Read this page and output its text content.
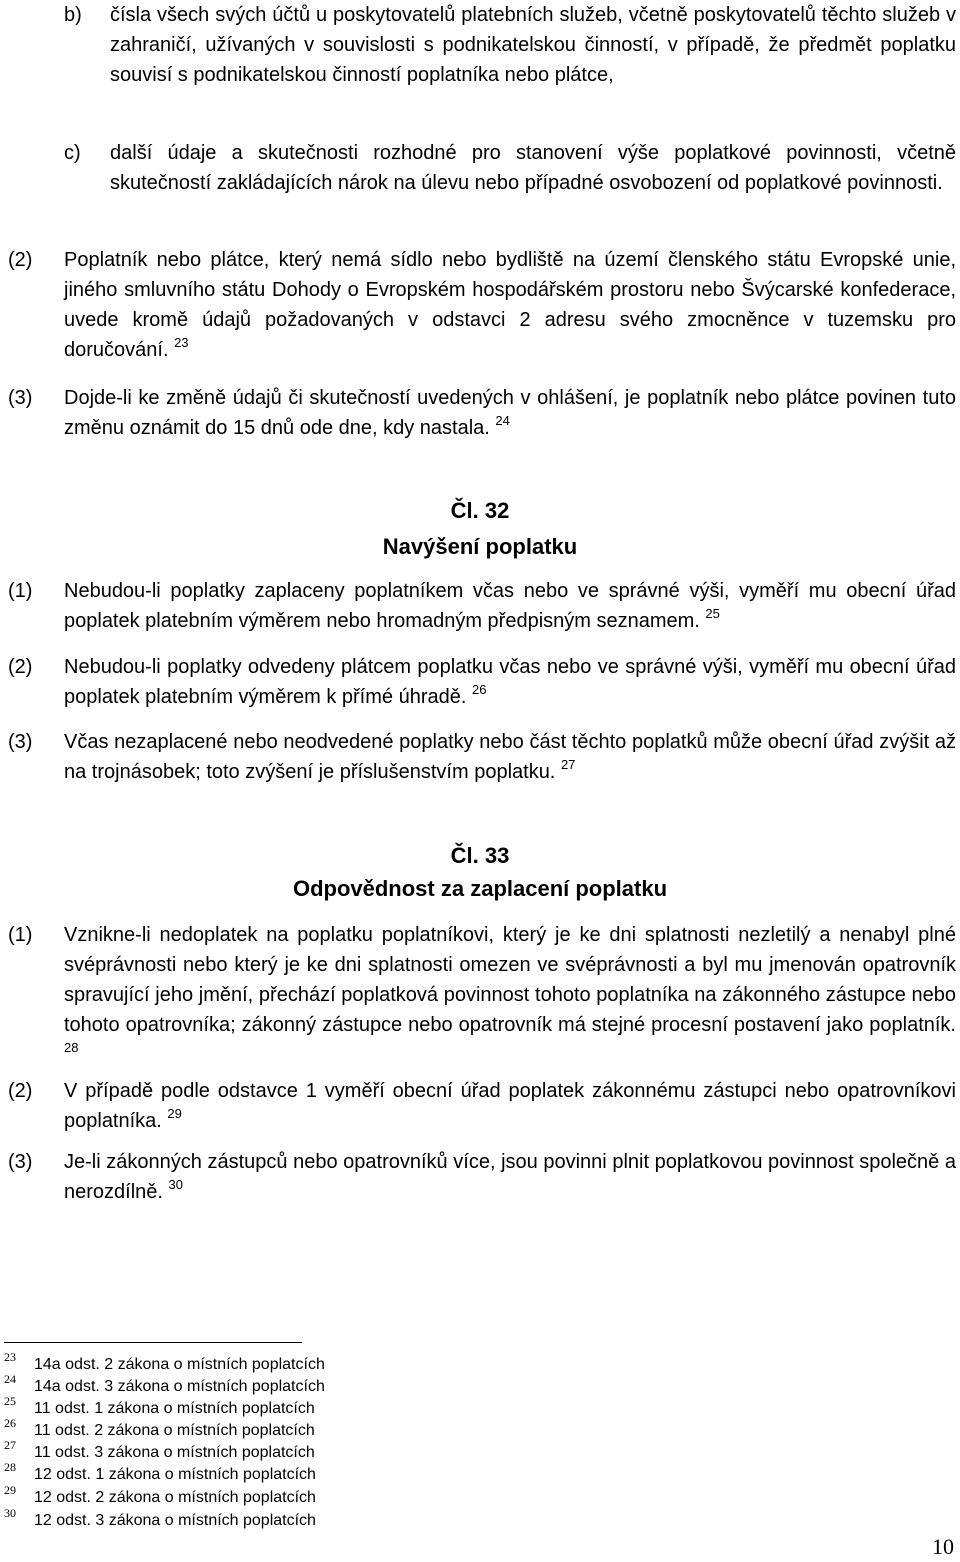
b) čísla všech svých účtů u poskytovatelů platebních služeb, včetně poskytovatelů těchto služeb v zahraničí, užívaných v souvislosti s podnikatelskou činností, v případě, že předmět poplatku souvisí s podnikatelskou činností poplatníka nebo plátce,
c) další údaje a skutečnosti rozhodné pro stanovení výše poplatkové povinnosti, včetně skutečností zakládajících nárok na úlevu nebo případné osvobození od poplatkové povinnosti.
(2)	Poplatník nebo plátce, který nemá sídlo nebo bydliště na území členského státu Evropské unie, jiného smluvního státu Dohody o Evropském hospodářském prostoru nebo Švýcarské konfederace, uvede kromě údajů požadovaných v odstavci 2 adresu svého zmocněnce v tuzemsku pro doručování. $^{23}$
(3)	Dojde-li ke změně údajů či skutečností uvedených v ohlášení, je poplatník nebo plátce povinen tuto změnu oznámit do 15 dnů ode dne, kdy nastala. $^{24}$
Čl. 32
Navýšení poplatku
(1)	Nebudou-li poplatky zaplaceny poplatníkem včas nebo ve správné výši, vyměří mu obecní úřad poplatek platebním výměrem nebo hromadným předpisným seznamem. $^{25}$
(2)	Nebudou-li poplatky odvedeny plátcem poplatku včas nebo ve správné výši, vyměří mu obecní úřad poplatek platebním výměrem k přímé úhradě. $^{26}$
(3)	Včas nezaplacené nebo neodvedené poplatky nebo část těchto poplatků může obecní úřad zvýšit až na trojnásobek; toto zvýšení je příslušenstvím poplatku. $^{27}$
Čl. 33
Odpovědnost za zaplacení poplatku
(1)	Vznikne-li nedoplatek na poplatku poplatníkovi, který je ke dni splatnosti nezletilý a nenabyl plné svéprávnosti nebo který je ke dni splatnosti omezen ve svéprávnosti a byl mu jmenován opatrovník spravující jeho jmění, přechází poplatková povinnost tohoto poplatníka na zákonného zástupce nebo tohoto opatrovníka; zákonný zástupce nebo opatrovník má stejné procesní postavení jako poplatník. $^{28}$
(2)	V případě podle odstavce 1 vyměří obecní úřad poplatek zákonnému zástupci nebo opatrovníkovi poplatníka. $^{29}$
(3)	Je-li zákonných zástupců nebo opatrovníků více, jsou povinni plnit poplatkovou povinnost společně a nerozdílně. $^{30}$
$^{23}$ 14a odst. 2 zákona o místních poplatcích
$^{24}$ 14a odst. 3 zákona o místních poplatcích
$^{25}$ 11 odst. 1 zákona o místních poplatcích
$^{26}$ 11 odst. 2 zákona o místních poplatcích
$^{27}$ 11 odst. 3 zákona o místních poplatcích
$^{28}$ 12 odst. 1 zákona o místních poplatcích
$^{29}$ 12 odst. 2 zákona o místních poplatcích
$^{30}$ 12 odst. 3 zákona o místních poplatcích
10
